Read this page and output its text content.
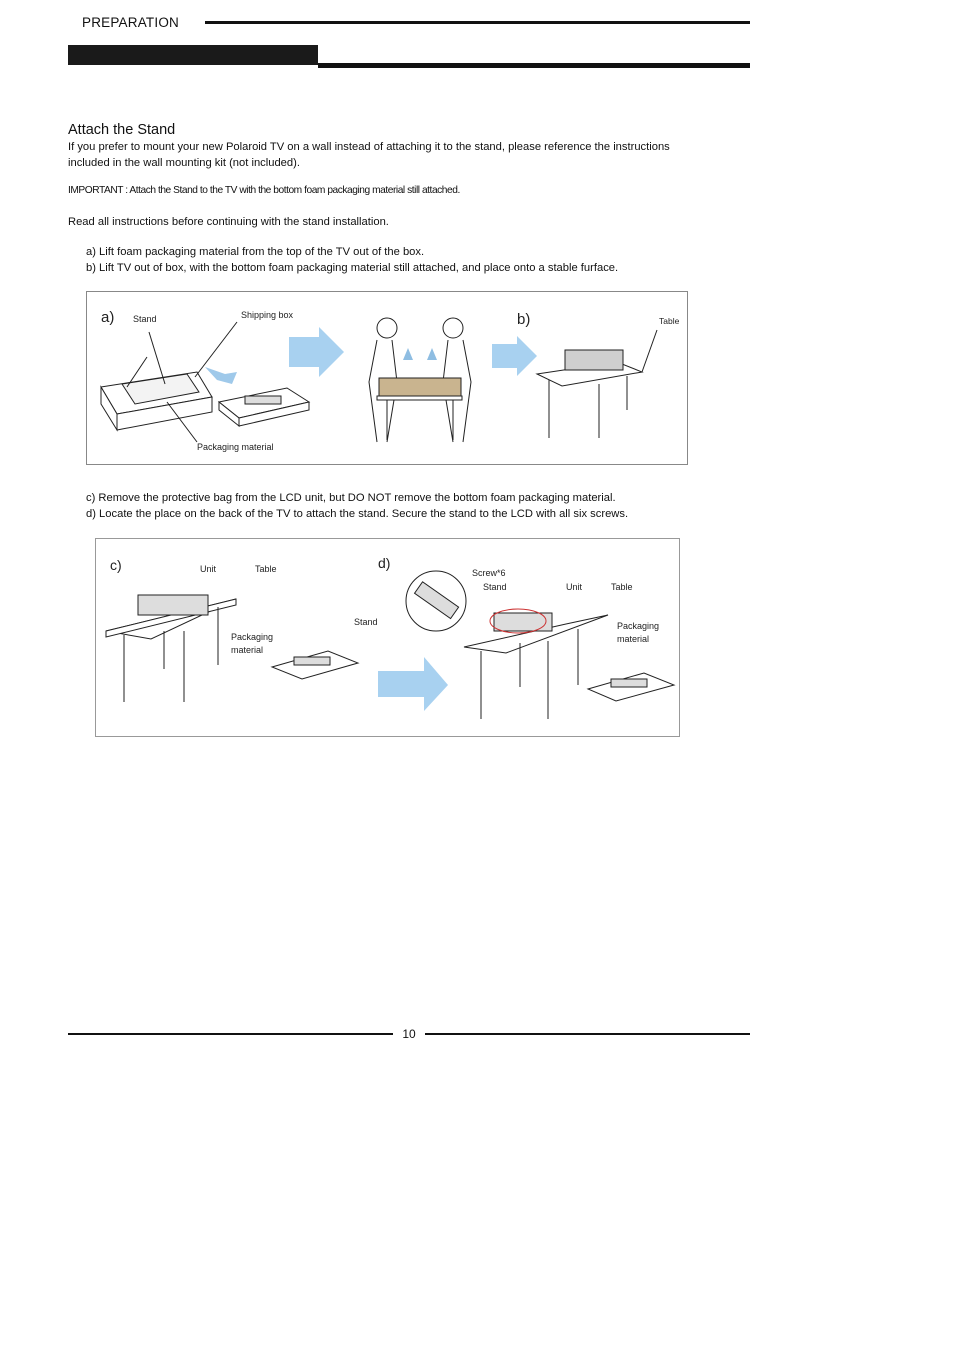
PREPARATION
Attach the Stand
If you prefer to mount your new Polaroid TV on a wall instead of attaching it to the stand, please reference the instructions included in the wall mounting kit (not included).
IMPORTANT : Attach the Stand to the TV with the bottom foam packaging material still attached.
Read all instructions before continuing with the stand installation.
a) Lift foam packaging material from the top of the TV out of the box.
b) Lift TV out of box, with the bottom foam packaging material still attached, and place onto a stable furface.
a) Stand	Shipping box
Packaging material
b)	Table
c) Remove the protective bag from the LCD unit, but DO NOT remove the bottom foam packaging material.
d) Locate the place on the back of the TV to attach the stand. Secure the stand to the LCD with all six screws.
c)	Unit	Table
Packaging
material
Stand
d)
Screw*6
Stand	Unit	Table
Packaging
material
10
